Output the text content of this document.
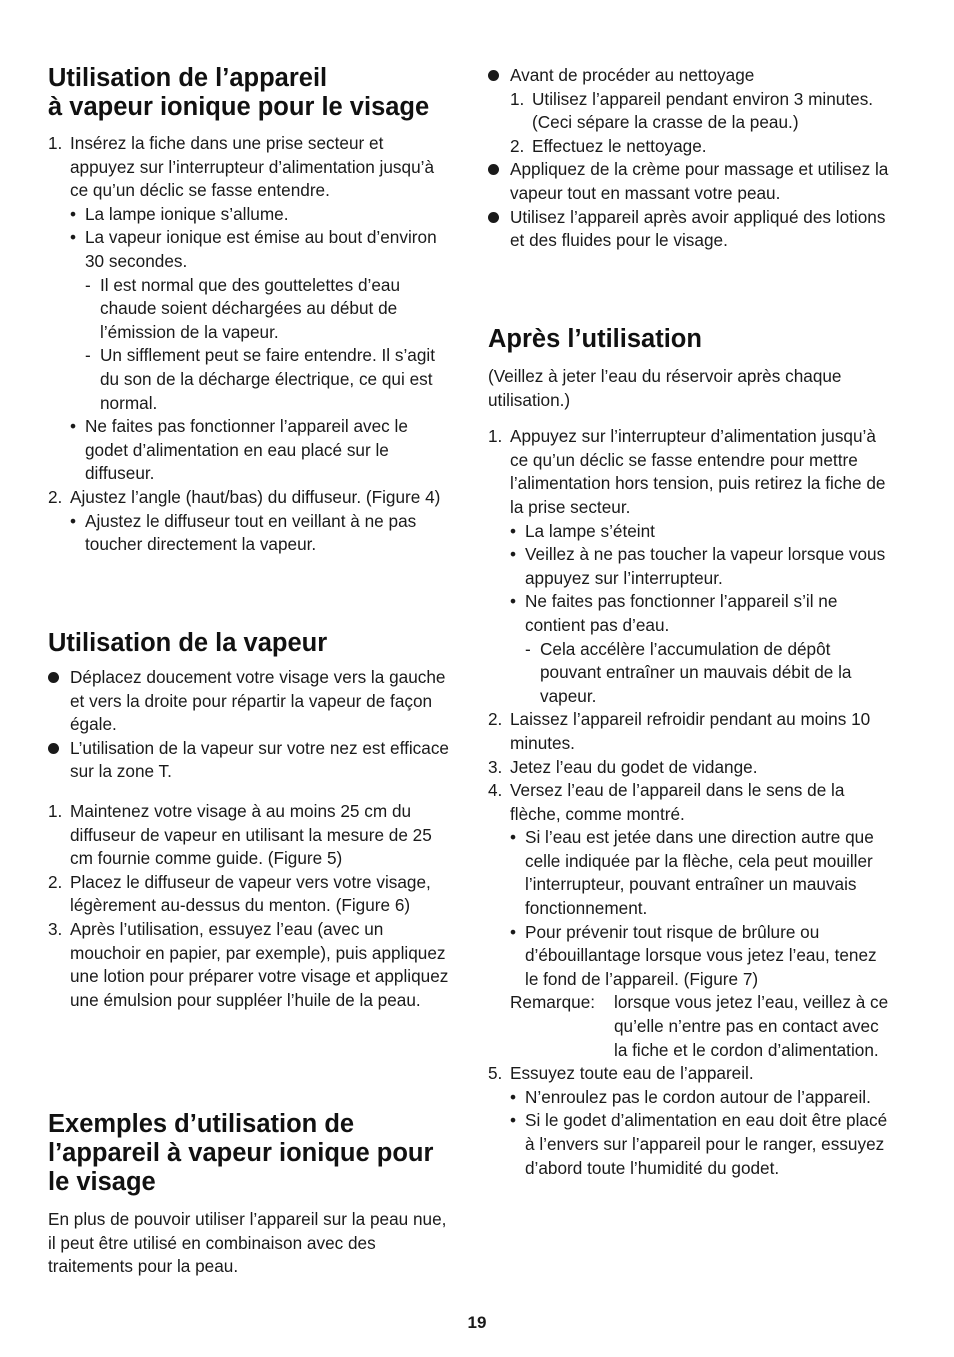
Utilisation de l’appareil
à vapeur ionique pour le visage
1. Insérez la fiche dans une prise secteur et appuyez sur l’interrupteur d’alimentation jusqu’à ce qu’un déclic se fasse entendre.
• La lampe ionique s’allume.
• La vapeur ionique est émise au bout d’environ 30 secondes.
- Il est normal que des gouttelettes d’eau chaude soient déchargées au début de l’émission de la vapeur.
- Un sifflement peut se faire entendre. Il s’agit du son de la décharge électrique, ce qui est normal.
• Ne faites pas fonctionner l’appareil avec le godet d’alimentation en eau placé sur le diffuseur.
2. Ajustez l’angle (haut/bas) du diffuseur. (Figure 4)
• Ajustez le diffuseur tout en veillant à ne pas toucher directement la vapeur.
Utilisation de la vapeur
Déplacez doucement votre visage vers la gauche et vers la droite pour répartir la vapeur de façon égale.
L’utilisation de la vapeur sur votre nez est efficace sur la zone T.
1. Maintenez votre visage à au moins 25 cm du diffuseur de vapeur en utilisant la mesure de 25 cm fournie comme guide. (Figure 5)
2. Placez le diffuseur de vapeur vers votre visage, légèrement au-dessus du menton. (Figure 6)
3. Après l’utilisation, essuyez l’eau (avec un mouchoir en papier, par exemple), puis appliquez une lotion pour préparer votre visage et appliquez une émulsion pour suppléer l’huile de la peau.
Exemples d’utilisation de l’appareil à vapeur ionique pour le visage

En plus de pouvoir utiliser l’appareil sur la peau nue, il peut être utilisé en combinaison avec des traitements pour la peau.

Avant de procéder au nettoyage
1. Utilisez l’appareil pendant environ 3 minutes. (Ceci sépare la crasse de la peau.)
2. Effectuez le nettoyage.
Appliquez de la crème pour massage et utilisez la vapeur tout en massant votre peau.
Utilisez l’appareil après avoir appliqué des lotions et des fluides pour le visage.
Après l’utilisation

(Veillez à jeter l’eau du réservoir après chaque utilisation.)

1. Appuyez sur l’interrupteur d’alimentation jusqu’à ce qu’un déclic se fasse entendre pour mettre l’alimentation hors tension, puis retirez la fiche de la prise secteur.
• La lampe s’éteint
• Veillez à ne pas toucher la vapeur lorsque vous appuyez sur l’interrupteur.
• Ne faites pas fonctionner l’appareil s’il ne contient pas d’eau.
- Cela accélère l’accumulation de dépôt pouvant entraîner un mauvais débit de la vapeur.
2. Laissez l’appareil refroidir pendant au moins 10 minutes.
3. Jetez l’eau du godet de vidange.
4. Versez l’eau de l’appareil dans le sens de la flèche, comme montré.
• Si l’eau est jetée dans une direction autre que celle indiquée par la flèche, cela peut mouiller l’interrupteur, pouvant entraîner un mauvais fonctionnement.
• Pour prévenir tout risque de brûlure ou d’ébouillantage lorsque vous jetez l’eau, tenez le fond de l’appareil. (Figure 7)
Remarque:	lorsque vous jetez l’eau, veillez à ce qu’elle n’entre pas en contact avec la fiche et le cordon d’alimentation.
5. Essuyez toute eau de l’appareil.
• N’enroulez pas le cordon autour de l’appareil.
• Si le godet d’alimentation en eau doit être placé à l’envers sur l’appareil pour le ranger, essuyez d’abord toute l’humidité du godet.
19
